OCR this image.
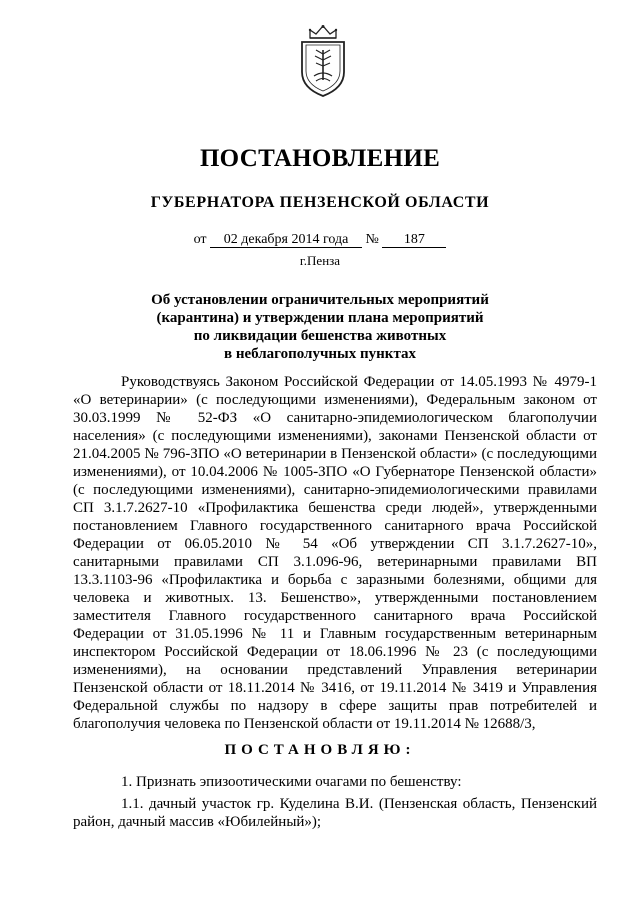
ПОСТАНОВЛЕНИЕ
ГУБЕРНАТОРА ПЕНЗЕНСКОЙ ОБЛАСТИ
от 02 декабря 2014 года № 187
г.Пенза
Об установлении ограничительных мероприятий
(карантина) и утверждении плана мероприятий
по ликвидации бешенства животных
в неблагополучных пунктах

Руководствуясь Законом Российской Федерации от 14.05.1993 № 4979-1 «О ветеринарии» (с последующими изменениями), Федеральным законом от 30.03.1999 № 52-ФЗ «О санитарно-эпидемиологическом благополучии населения» (с последующими изменениями), законами Пензенской области от 21.04.2005 № 796-ЗПО «О ветеринарии в Пензенской области» (с последующими изменениями), от 10.04.2006 № 1005-ЗПО «О Губернаторе Пензенской области» (с последующими изменениями), санитарно-эпидемиологическими правилами СП 3.1.7.2627-10 «Профилактика бешенства среди людей», утвержденными постановлением Главного государственного санитарного врача Российской Федерации от 06.05.2010 № 54 «Об утверждении СП 3.1.7.2627-10», санитарными правилами СП 3.1.096-96, ветеринарными правилами ВП 13.3.1103-96 «Профилактика и борьба с заразными болезнями, общими для человека и животных. 13. Бешенство», утвержденными постановлением заместителя Главного государственного санитарного врача Российской Федерации от 31.05.1996 № 11 и Главным государственным ветеринарным инспектором Российской Федерации от 18.06.1996 № 23 (с последующими изменениями), на основании представлений Управления ветеринарии Пензенской области от 18.11.2014 № 3416, от 19.11.2014 № 3419 и Управления Федеральной службы по надзору в сфере защиты прав потребителей и благополучия человека по Пензенской области от 19.11.2014 № 12688/3,

ПОСТАНОВЛЯЮ:

1. Признать эпизоотическими очагами по бешенству:

1.1. дачный участок гр. Куделина В.И. (Пензенская область, Пензенский район, дачный массив «Юбилейный»);
